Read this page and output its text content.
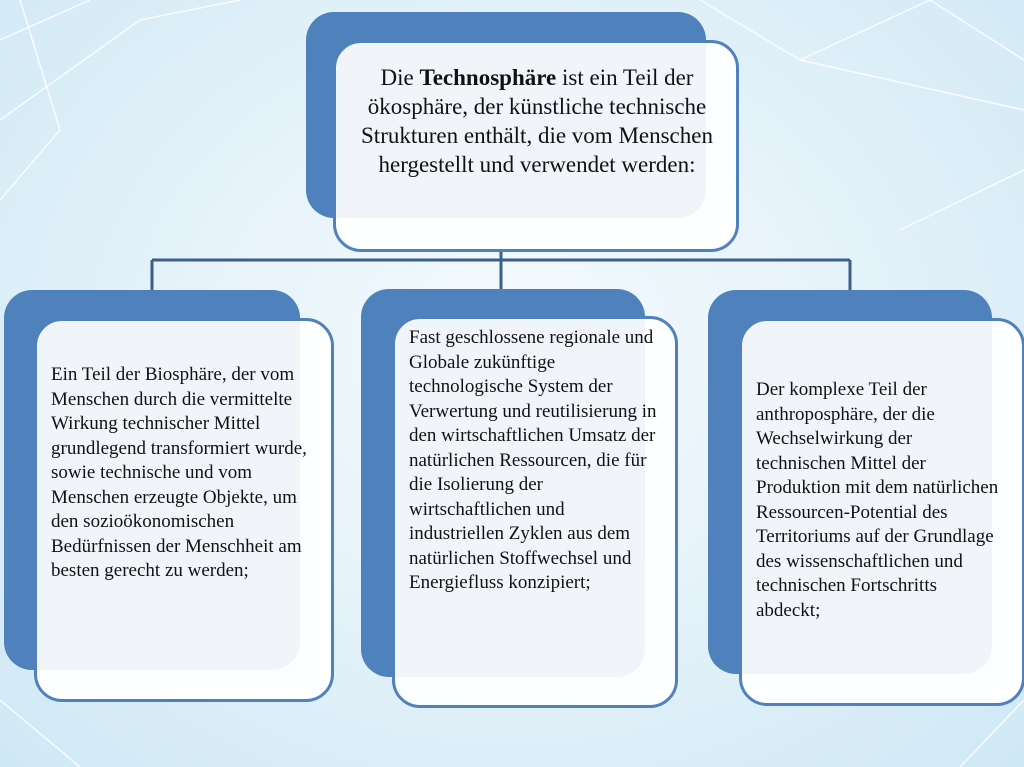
Die Technosphäre ist ein Teil der ökosphäre, der künstliche technische Strukturen enthält, die vom Menschen hergestellt und verwendet werden:
Ein Teil der Biosphäre, der vom Menschen durch die vermittelte Wirkung technischer Mittel grundlegend transformiert wurde, sowie technische und vom Menschen erzeugte Objekte, um den sozioökonomischen Bedürfnissen der Menschheit am besten gerecht zu werden;
Fast geschlossene regionale und Globale zukünftige technologische System der Verwertung und reutilisierung in den wirtschaftlichen Umsatz der natürlichen Ressourcen, die für die Isolierung der wirtschaftlichen und industriellen Zyklen aus dem natürlichen Stoffwechsel und Energiefluss konzipiert;
Der komplexe Teil der anthroposphäre, der die Wechselwirkung der technischen Mittel der Produktion mit dem natürlichen Ressourcen-Potential des Territoriums auf der Grundlage des wissenschaftlichen und technischen Fortschritts abdeckt;
